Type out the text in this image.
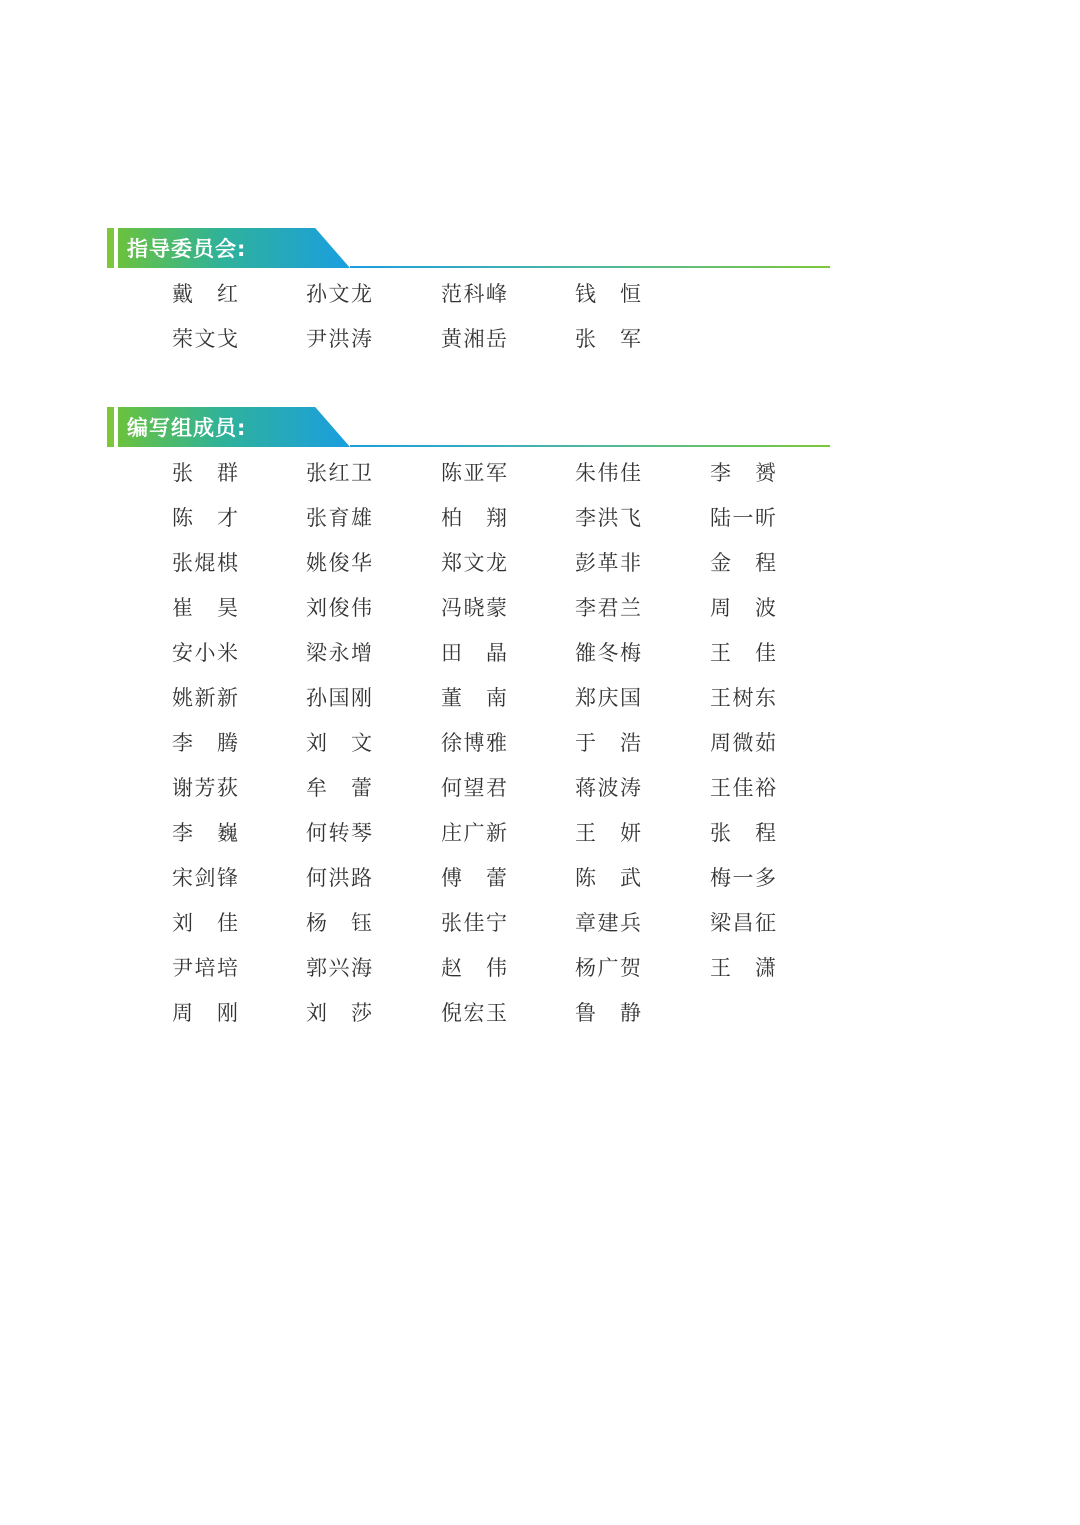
指导委员会:
戴　红	孙文龙	范科峰	钱　恒
荣文戈	尹洪涛	黄湘岳	张　军
编写组成员:
张　群	张红卫	陈亚军	朱伟佳	李　赟
陈　才	张育雄	柏　翔	李洪飞	陆一昕
张焜棋	姚俊华	郑文龙	彭革非	金　程
崔　昊	刘俊伟	冯晓蒙	李君兰	周　波
安小米	梁永增	田　晶	雒冬梅	王　佳
姚新新	孙国刚	董　南	郑庆国	王树东
李　腾	刘　文	徐博雅	于　浩	周微茹
谢芳荻	牟　蕾	何望君	蒋波涛	王佳裕
李　巍	何转琴	庄广新	王　妍	张　程
宋剑锋	何洪路	傅　蕾	陈　武	梅一多
刘　佳	杨　钰	张佳宁	章建兵	梁昌征
尹培培	郭兴海	赵　伟	杨广贺	王　潇
周　刚	刘　莎	倪宏玉	鲁　静
